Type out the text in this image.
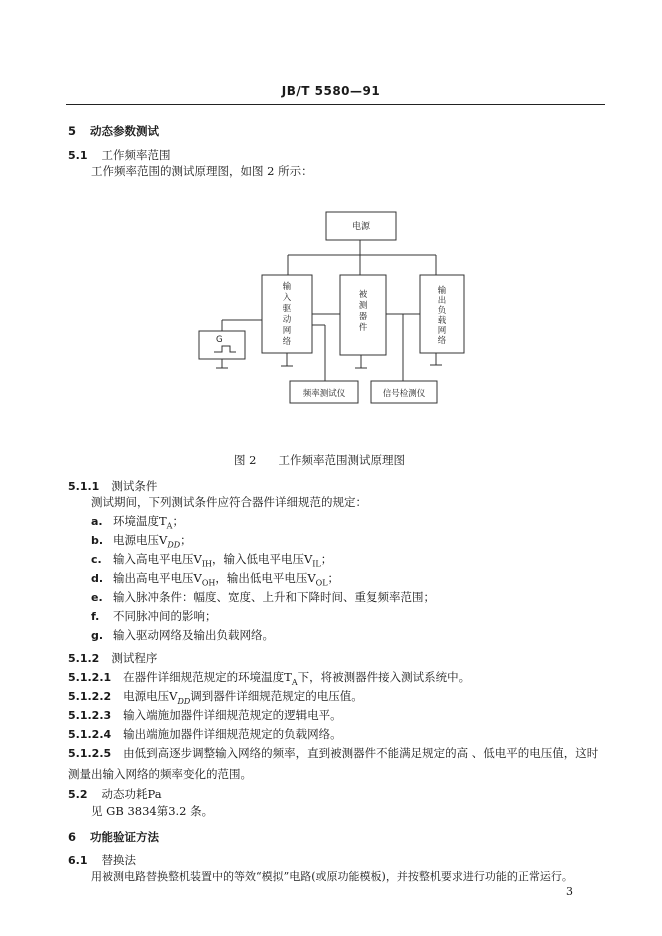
JB/T 5580—91
5 动态参数测试
5.1 工作频率范围
工作频率范围的测试原理图，如图 2 所示：
电源
输入驱动网络
被测器件
输出负载网络
G
频率测试仪	信号检测仪
图 2 工作频率范围测试原理图
5.1.1 测试条件
测试期间，下列测试条件应符合器件详细规范的规定：
a. 环境温度$T_A$；
b. 电源电压$V_{DD}$；
c. 输入高电平电压$V_{IH}$，输入低电平电压$V_{IL}$；
d. 输出高电平电压$V_{OH}$，输出低电平电压$V_{OL}$；
e. 输入脉冲条件：幅度、宽度、上升和下降时间、重复频率范围；
f. 不同脉冲间的影响；
g. 输入驱动网络及输出负载网络。
5.1.2 测试程序
5.1.2.1 在器件详细规范规定的环境温度$T_A$下，将被测器件接入测试系统中。
5.1.2.2 电源电压$V_{DD}$调到器件详细规范规定的电压值。
5.1.2.3 输入端施加器件详细规范规定的逻辑电平。
5.1.2.4 输出端施加器件详细规范规定的负载网络。
5.1.2.5 由低到高逐步调整输入网络的频率，直到被测器件不能满足规定的高 、低电平的电压值，这时测量出输入网络的频率变化的范围。
5.2 动态功耗Pa
见 GB 3834第3.2 条。
6 功能验证方法
6.1 替换法
用被测电路替换整机装置中的等效“模拟”电路(或原功能模板)，并按整机要求进行功能的正常运行。
3
